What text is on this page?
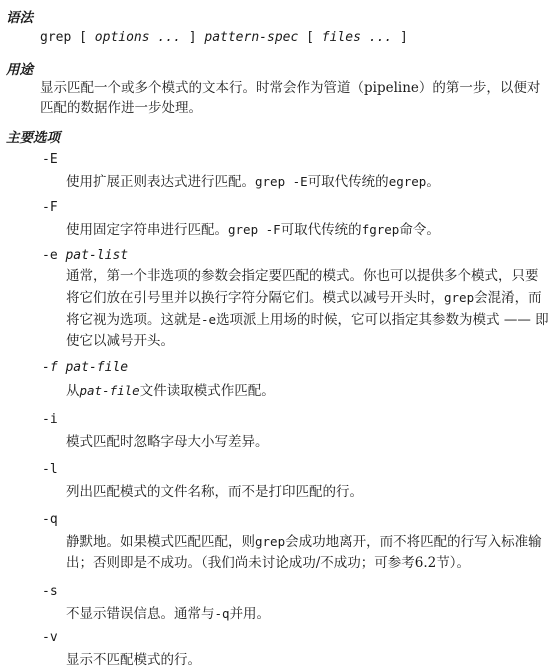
语法
grep [ options ... ] pattern-spec [ files ... ]
用途
显示匹配一个或多个模式的文本行。时常会作为管道（pipeline）的第一步，以便对匹配的数据作进一步处理。
主要选项
-E
使用扩展正则表达式进行匹配。grep -E可取代传统的egrep。
-F
使用固定字符串进行匹配。grep -F可取代传统的fgrep命令。
-e pat-list
通常，第一个非选项的参数会指定要匹配的模式。你也可以提供多个模式，只要将它们放在引号里并以换行字符分隔它们。模式以减号开头时，grep会混淆，而将它视为选项。这就是-e选项派上用场的时候，它可以指定其参数为模式 —— 即使它以减号开头。
-f pat-file
从pat-file文件读取模式作匹配。
-i
模式匹配时忽略字母大小写差异。
-l
列出匹配模式的文件名称，而不是打印匹配的行。
-q
静默地。如果模式匹配匹配，则grep会成功地离开，而不将匹配的行写入标准输出；否则即是不成功。（我们尚未讨论成功/不成功；可参考6.2节）。
-s
不显示错误信息。通常与-q并用。
-v
显示不匹配模式的行。
